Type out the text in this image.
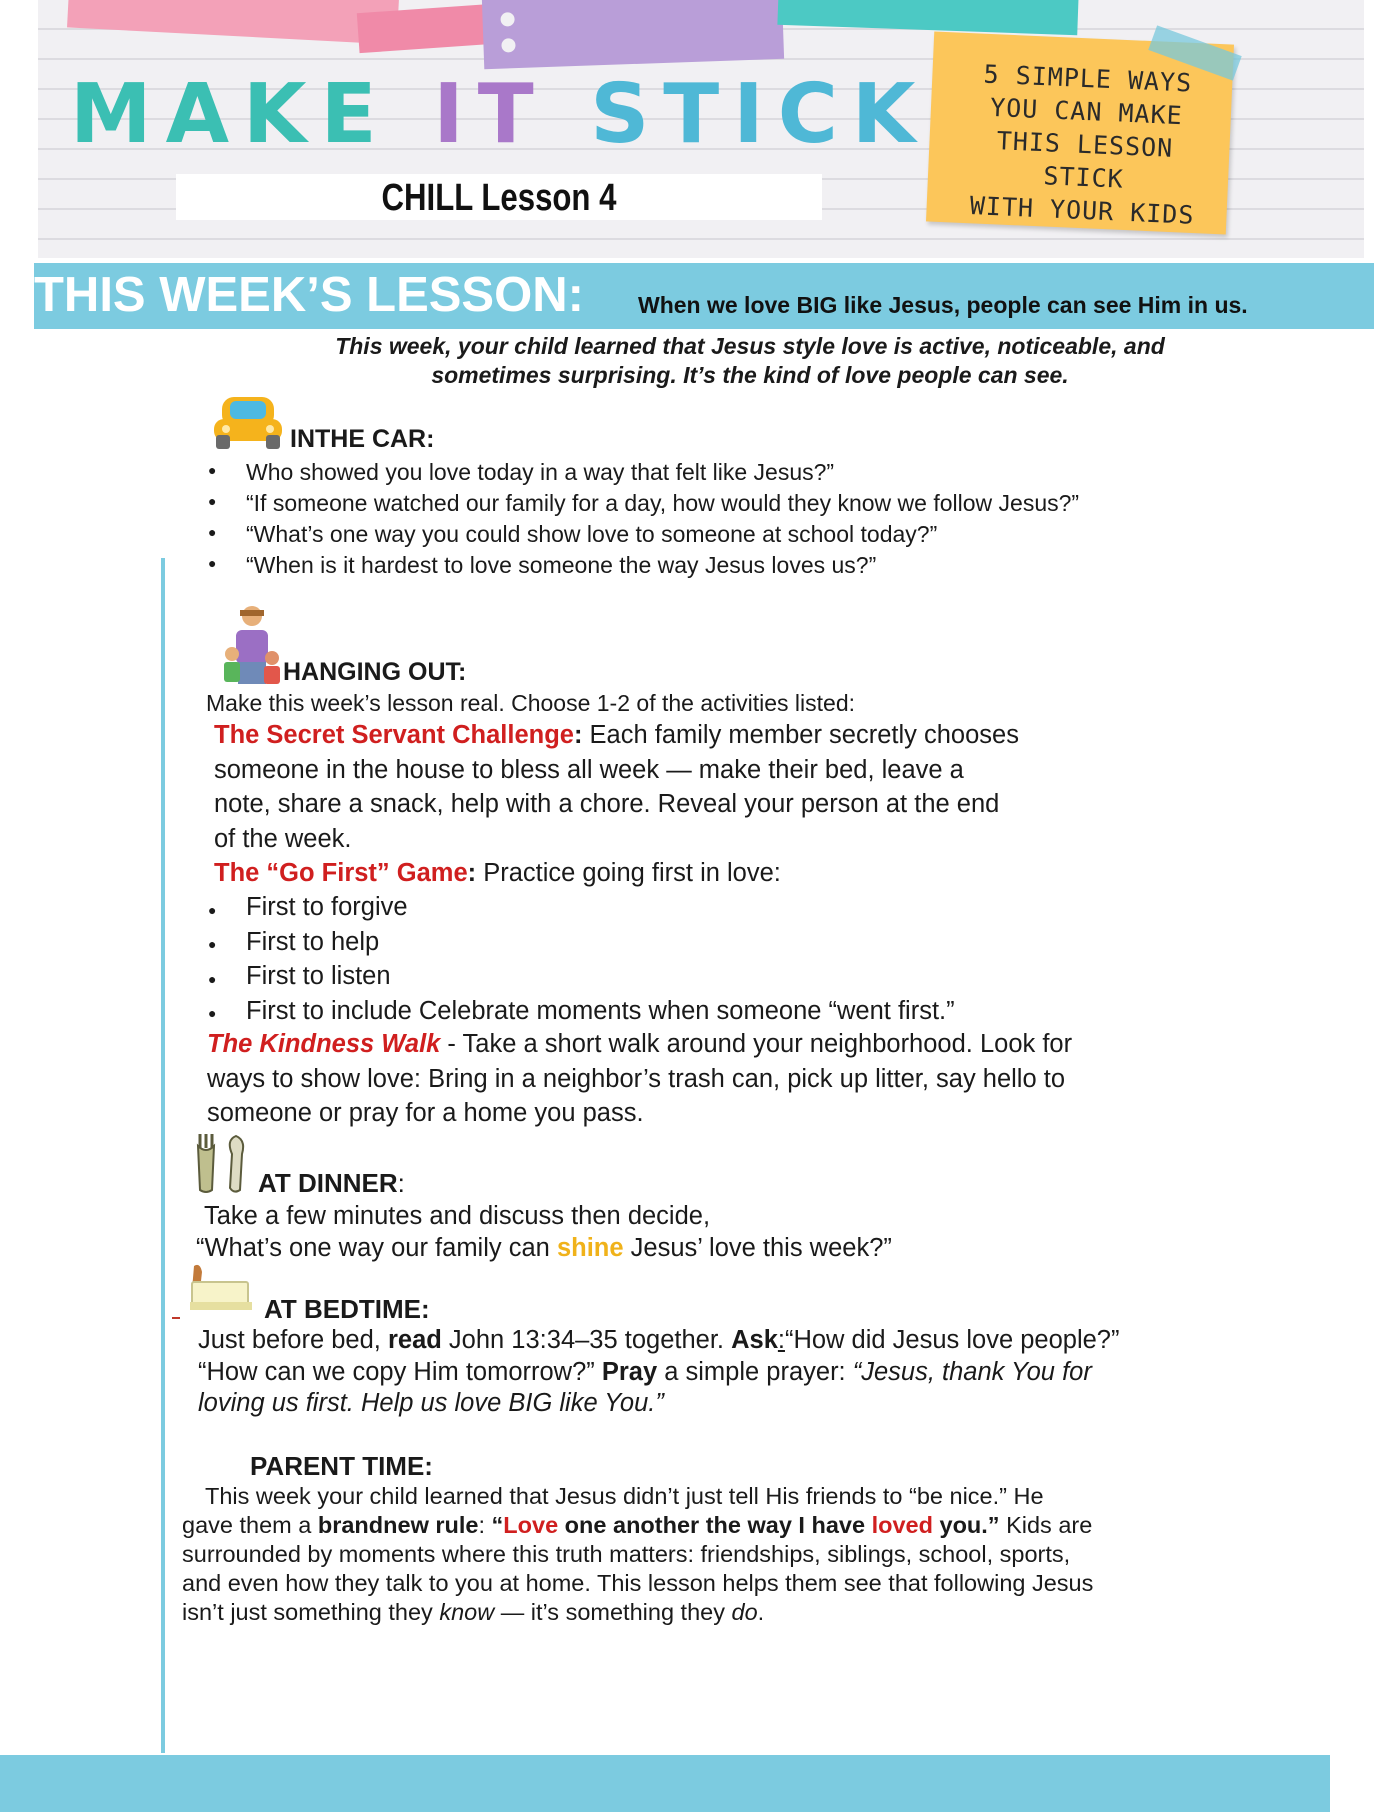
MAKE IT STICK
CHILL Lesson 4
5 SIMPLE WAYS
YOU CAN MAKE
THIS LESSON STICK
WITH YOUR KIDS
THIS WEEK’S LESSON: When we love BIG like Jesus, people can see Him in us.
This week, your child learned that Jesus style love is active, noticeable, and
sometimes surprising. It’s the kind of love people can see.
INTHE CAR:
● Who showed you love today in a way that felt like Jesus?”
● “If someone watched our family for a day, how would they know we follow Jesus?”
● “What’s one way you could show love to someone at school today?”
● “When is it hardest to love someone the way Jesus loves us?”
HANGING OUT:
Make this week’s lesson real. Choose 1-2 of the activities listed:
The Secret Servant Challenge: Each family member secretly chooses
someone in the house to bless all week — make their bed, leave a
note, share a snack, help with a chore. Reveal your person at the end
of the week.
The “Go First” Game: Practice going first in love:
● First to forgive
● First to help
● First to listen
● First to include Celebrate moments when someone “went first.”
The Kindness Walk - Take a short walk around your neighborhood. Look for
ways to show love: Bring in a neighbor’s trash can, pick up litter, say hello to
someone or pray for a home you pass.
AT DINNER:
Take a few minutes and discuss then decide,
“What’s one way our family can shine Jesus’ love this week?”
AT BEDTIME:
Just before bed, read John 13:34–35 together. Ask:“How did Jesus love people?”
“How can we copy Him tomorrow?” Pray a simple prayer: “Jesus, thank You for
loving us first. Help us love BIG like You.”
PARENT TIME:
This week your child learned that Jesus didn’t just tell His friends to “be nice.” He
gave them a brandnew rule: “Love one another the way I have loved you.” Kids are
surrounded by moments where this truth matters: friendships, siblings, school, sports,
and even how they talk to you at home. This lesson helps them see that following Jesus
isn’t just something they know — it’s something they do.
